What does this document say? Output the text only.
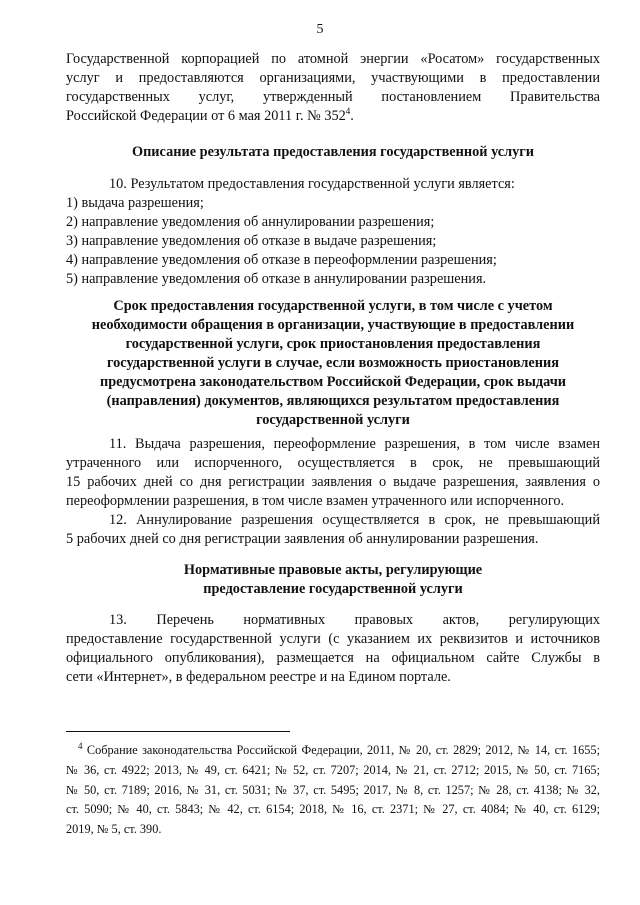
5
Государственной корпорацией по атомной энергии «Росатом» государственных
услуг и предоставляются организациями, участвующими в предоставлении
государственных услуг, утвержденный постановлением Правительства
Российской Федерации от 6 мая 2011 г. № $352^4$.
Описание результата предоставления государственной услуги
10. Результатом предоставления государственной услуги является:
1) выдача разрешения;
2) направление уведомления об аннулировании разрешения;
3) направление уведомления об отказе в выдаче разрешения;
4) направление уведомления об отказе в переоформлении разрешения;
5) направление уведомления об отказе в аннулировании разрешения.
Срок предоставления государственной услуги, в том числе с учетом
необходимости обращения в организации, участвующие в предоставлении
государственной услуги, срок приостановления предоставления
государственной услуги в случае, если возможность приостановления
предусмотрена законодательством Российской Федерации, срок выдачи
(направления) документов, являющихся результатом предоставления
государственной услуги
11. Выдача разрешения, переоформление разрешения, в том числе взамен
утраченного или испорченного, осуществляется в срок, не превышающий
15 рабочих дней со дня регистрации заявления о выдаче разрешения, заявления о
переоформлении разрешения, в том числе взамен утраченного или испорченного.
12. Аннулирование разрешения осуществляется в срок, не превышающий
5 рабочих дней со дня регистрации заявления об аннулировании разрешения.
Нормативные правовые акты, регулирующие
предоставление государственной услуги
13. Перечень нормативных правовых актов, регулирующих
предоставление государственной услуги (с указанием их реквизитов и источников
официального опубликования), размещается на официальном сайте Службы в
сети «Интернет», в федеральном реестре и на Едином портале.
$^4$ Собрание законодательства Российской Федерации, 2011, № 20, ст. 2829; 2012, № 14, ст. 1655;
№ 36, ст. 4922; 2013, № 49, ст. 6421; № 52, ст. 7207; 2014, № 21, ст. 2712; 2015, № 50, ст. 7165;
№ 50, ст. 7189; 2016, № 31, ст. 5031; № 37, ст. 5495; 2017, № 8, ст. 1257; № 28, ст. 4138; № 32,
ст. 5090; № 40, ст. 5843; № 42, ст. 6154; 2018, № 16, ст. 2371; № 27, ст. 4084; № 40, ст. 6129;
2019, № 5, ст. 390.
